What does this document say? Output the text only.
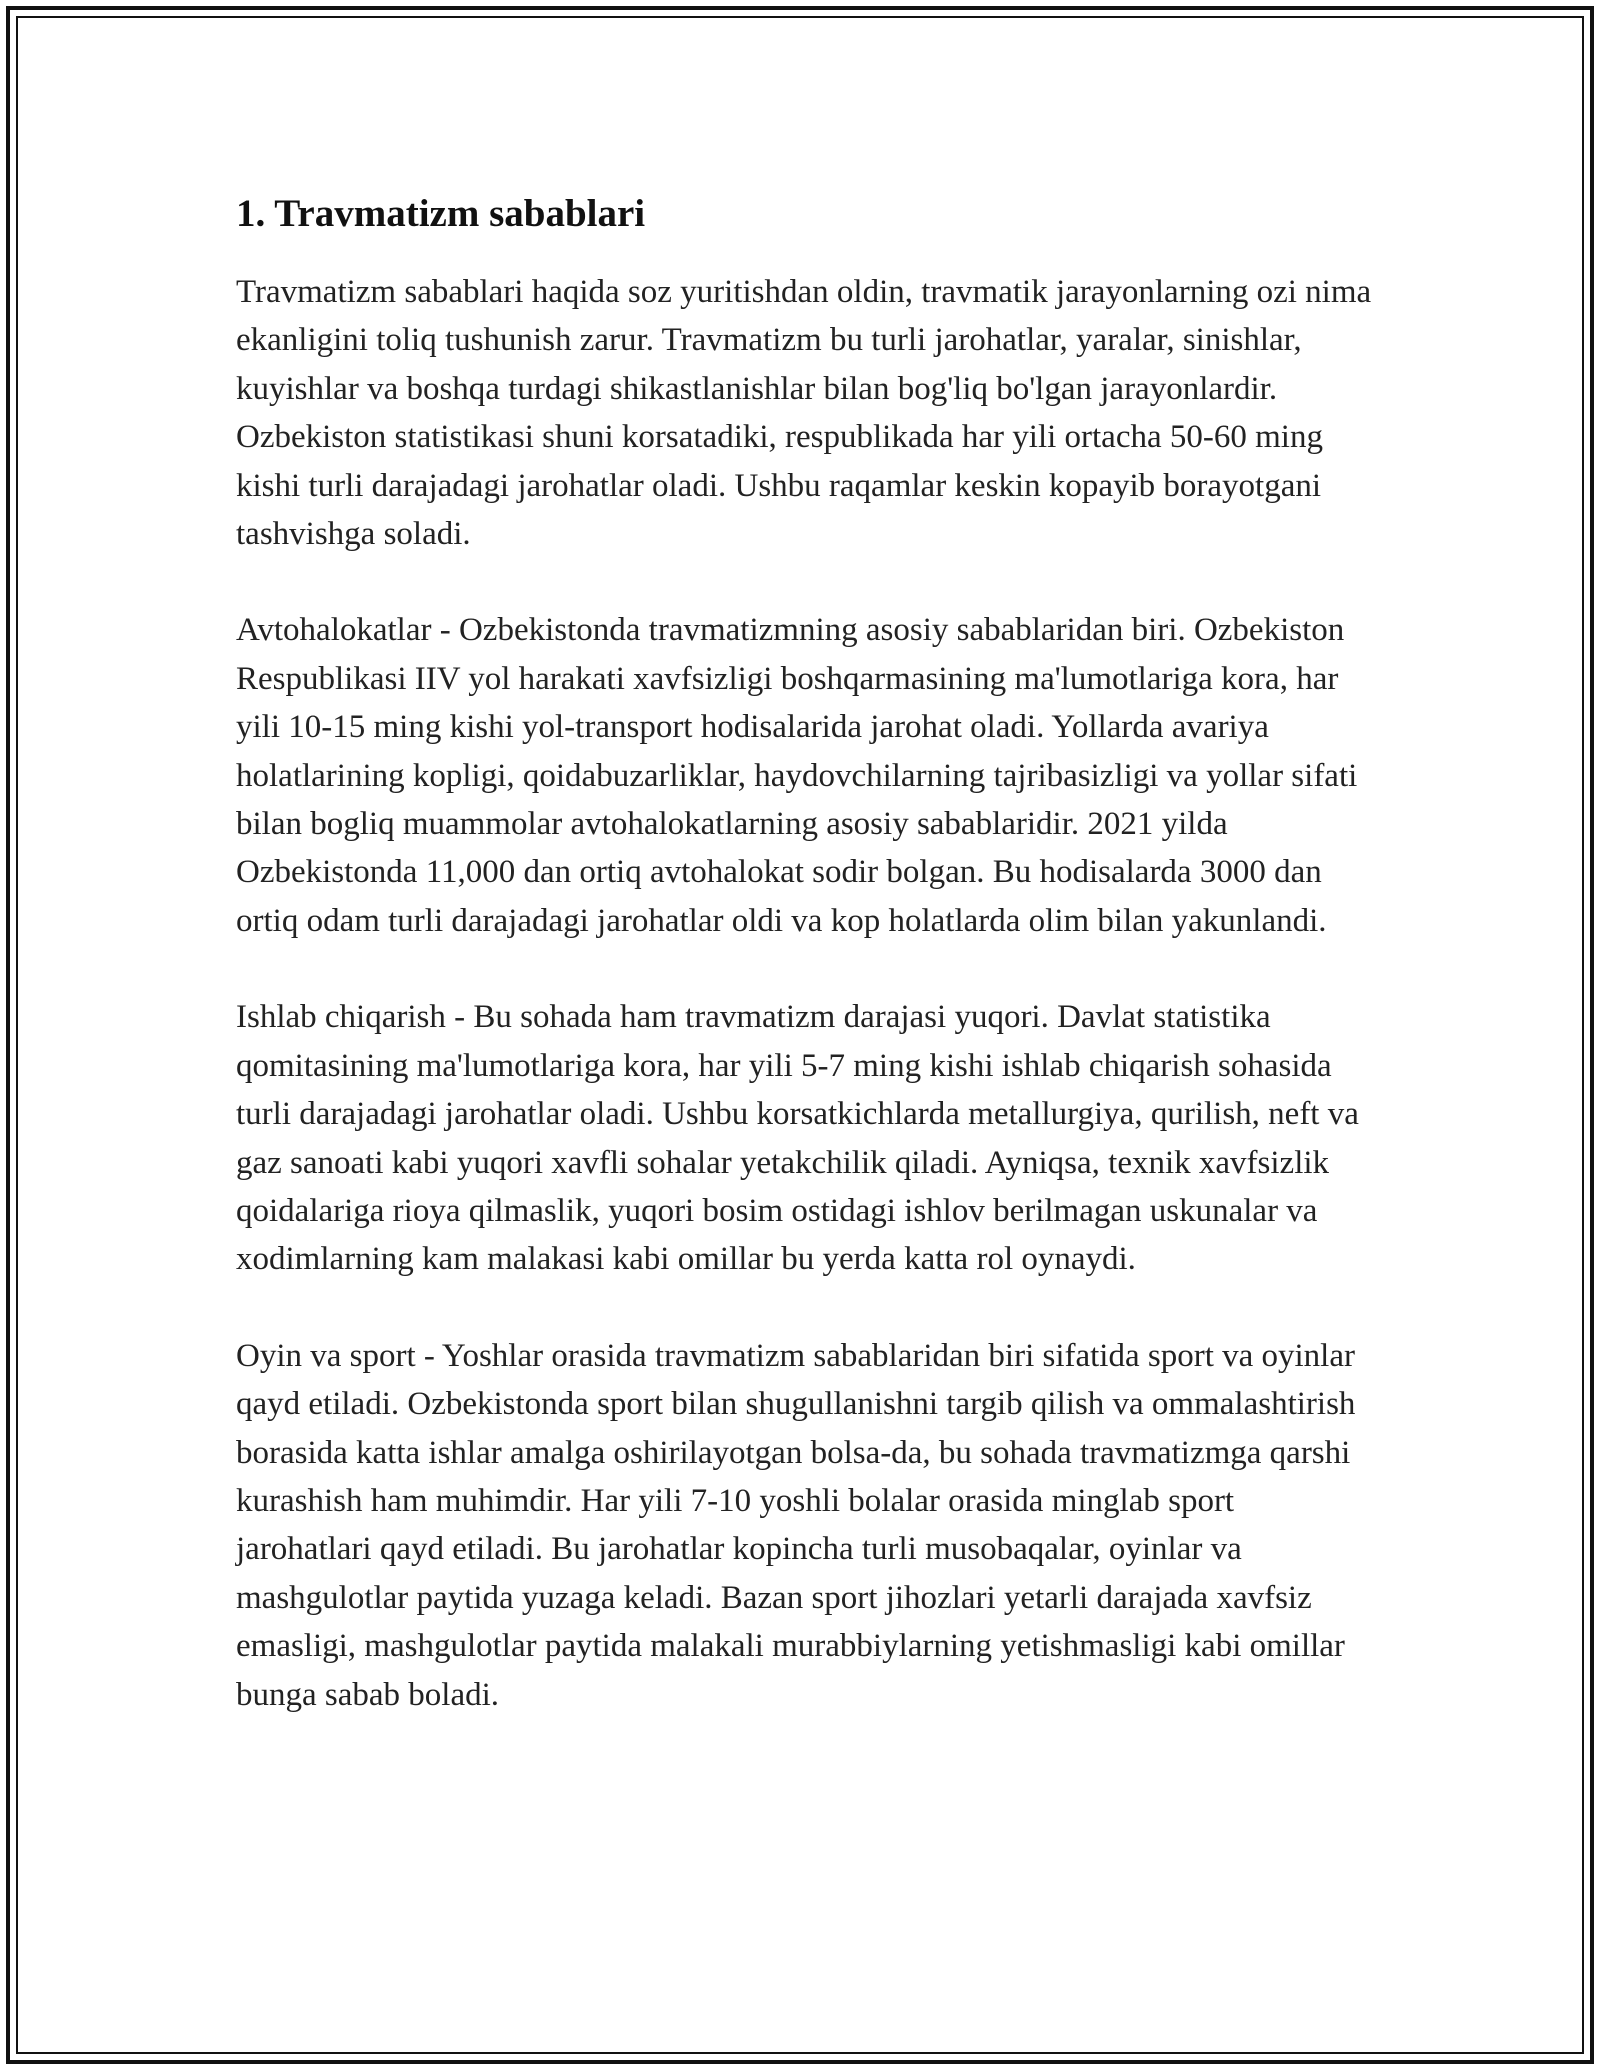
1. Travmatizm sabablari

Travmatizm sabablari haqida soz yuritishdan oldin, travmatik jarayonlarning ozi nima ekanligini toliq tushunish zarur. Travmatizm bu turli jarohatlar, yaralar, sinishlar, kuyishlar va boshqa turdagi shikastlanishlar bilan bog'liq bo'lgan jarayonlardir. Ozbekiston statistikasi shuni korsatadiki, respublikada har yili ortacha 50-60 ming kishi turli darajadagi jarohatlar oladi. Ushbu raqamlar keskin kopayib borayotgani tashvishga soladi.

Avtohalokatlar - Ozbekistonda travmatizmning asosiy sabablaridan biri. Ozbekiston Respublikasi IIV yol harakati xavfsizligi boshqarmasining ma'lumotlariga kora, har yili 10-15 ming kishi yol-transport hodisalarida jarohat oladi. Yollarda avariya holatlarining kopligi, qoidabuzarliklar, haydovchilarning tajribasizligi va yollar sifati bilan bogliq muammolar avtohalokatlarning asosiy sabablaridir. 2021 yilda Ozbekistonda 11,000 dan ortiq avtohalokat sodir bolgan. Bu hodisalarda 3000 dan ortiq odam turli darajadagi jarohatlar oldi va kop holatlarda olim bilan yakunlandi.

Ishlab chiqarish - Bu sohada ham travmatizm darajasi yuqori. Davlat statistika qomitasining ma'lumotlariga kora, har yili 5-7 ming kishi ishlab chiqarish sohasida turli darajadagi jarohatlar oladi. Ushbu korsatkichlarda metallurgiya, qurilish, neft va gaz sanoati kabi yuqori xavfli sohalar yetakchilik qiladi. Ayniqsa, texnik xavfsizlik qoidalariga rioya qilmaslik, yuqori bosim ostidagi ishlov berilmagan uskunalar va xodimlarning kam malakasi kabi omillar bu yerda katta rol oynaydi.

Oyin va sport - Yoshlar orasida travmatizm sabablaridan biri sifatida sport va oyinlar qayd etiladi. Ozbekistonda sport bilan shugullanishni targib qilish va ommalashtirish borasida katta ishlar amalga oshirilayotgan bolsa-da, bu sohada travmatizmga qarshi kurashish ham muhimdir. Har yili 7-10 yoshli bolalar orasida minglab sport jarohatlari qayd etiladi. Bu jarohatlar kopincha turli musobaqalar, oyinlar va mashgulotlar paytida yuzaga keladi. Bazan sport jihozlari yetarli darajada xavfsiz emasligi, mashgulotlar paytida malakali murabbiylarning yetishmasligi kabi omillar bunga sabab boladi.
